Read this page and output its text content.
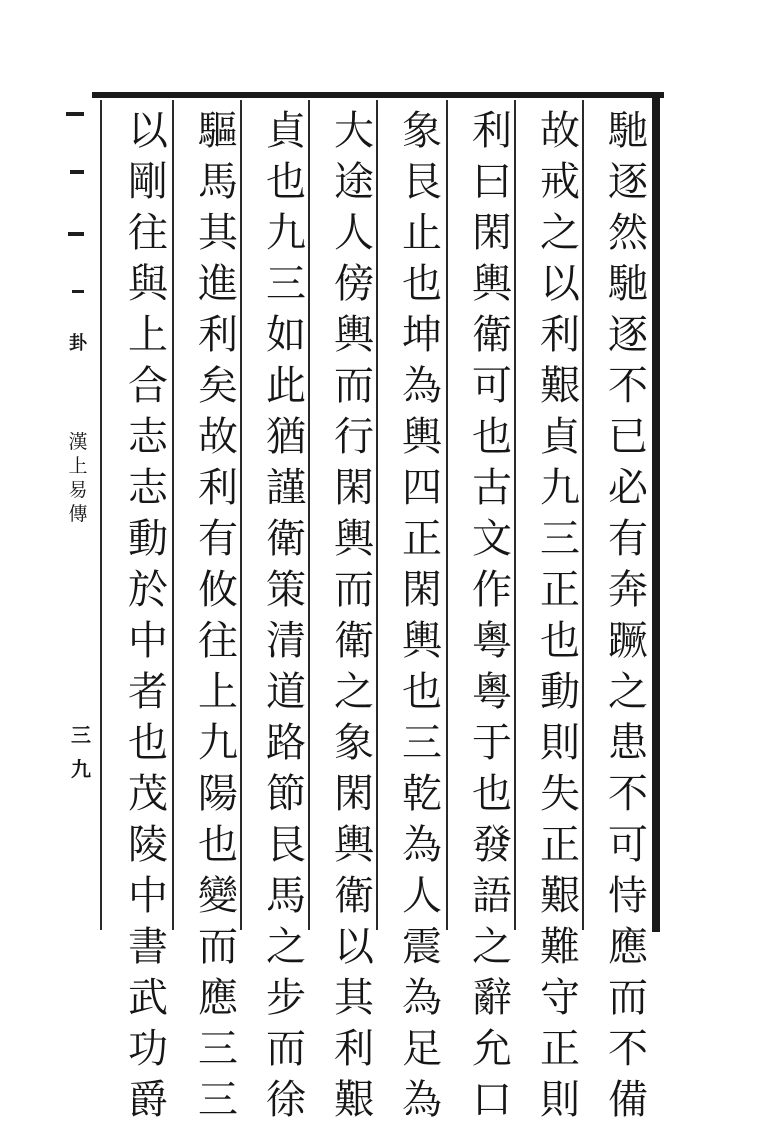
馳
逐
然
馳
逐
不
已
必
有
奔
蹶
之
患
不
可
恃
應
而
不
備
故
戒
之
以
利
艱
貞
九
三
正
也
動
則
失
正
艱
難
守
正
則
利
曰
閑
輿
衛
可
也
古
文
作
粵
粵
于
也
發
語
之
辭
允
口
象
艮
止
也
坤
為
輿
四
正
閑
輿
也
三
乾
為
人
震
為
足
為
大
途
人
傍
輿
而
行
閑
輿
而
衛
之
象
閑
輿
衛
以
其
利
艱
貞
也
九
三
如
此
猶
謹
衛
策
清
道
路
節
艮
馬
之
步
而
徐
驅
馬
其
進
利
矣
故
利
有
攸
往
上
九
陽
也
變
而
應
三
三
以
剛
往
與
上
合
志
志
動
於
中
者
也
茂
陵
中
書
武
功
爵
卦
漢
上
易
傳
三
九
